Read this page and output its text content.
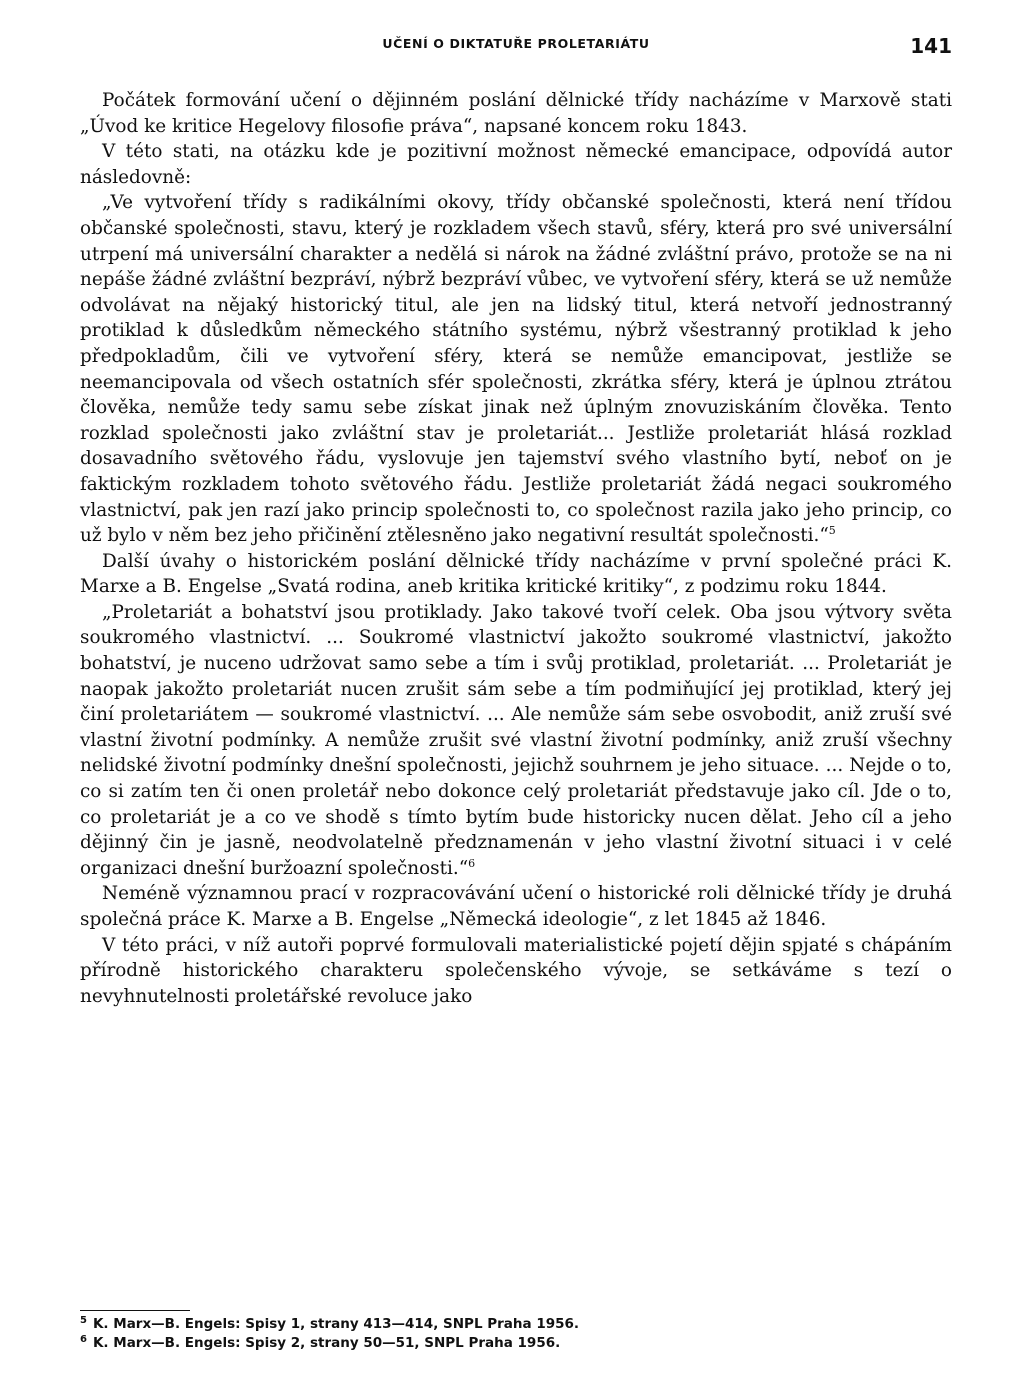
UČENÍ O DIKTATUŘE PROLETARIÁTU	141

Počátek formování učení o dějinném poslání dělnické třídy nacházíme v Marxově stati „Úvod ke kritice Hegelovy filosofie práva“, napsané koncem roku 1843.

V této stati, na otázku kde je pozitivní možnost německé emancipace, odpovídá autor následovně:

„Ve vytvoření třídy s radikálními okovy, třídy občanské společnosti, která není třídou občanské společnosti, stavu, který je rozkladem všech stavů, sféry, která pro své universální utrpení má universální charakter a nedělá si nárok na žádné zvláštní právo, protože se na ni nepáše žádné zvláštní bezpráví, nýbrž bezpráví vůbec, ve vytvoření sféry, která se už nemůže odvolávat na nějaký historický titul, ale jen na lidský titul, která netvoří jednostranný protiklad k důsledkům německého státního systému, nýbrž všestranný protiklad k jeho předpokladům, čili ve vytvoření sféry, která se nemůže emancipovat, jestliže se neemancipovala od všech ostatních sfér společnosti, zkrátka sféry, která je úplnou ztrátou člověka, nemůže tedy samu sebe získat jinak než úplným znovuziskáním člověka. Tento rozklad společnosti jako zvláštní stav je proletariát... Jestliže proletariát hlásá rozklad dosavadního světového řádu, vyslovuje jen tajemství svého vlastního bytí, neboť on je faktickým rozkladem tohoto světového řádu. Jestliže proletariát žádá negaci soukromého vlastnictví, pak jen razí jako princip společnosti to, co společnost razila jako jeho princip, co už bylo v něm bez jeho přičinění ztělesněno jako negativní resultát společnosti.“$^5$

Další úvahy o historickém poslání dělnické třídy nacházíme v první společné práci K. Marxe a B. Engelse „Svatá rodina, aneb kritika kritické kritiky“, z podzimu roku 1844.

„Proletariát a bohatství jsou protiklady. Jako takové tvoří celek. Oba jsou výtvory světa soukromého vlastnictví. ... Soukromé vlastnictví jakožto soukromé vlastnictví, jakožto bohatství, je nuceno udržovat samo sebe a tím i svůj protiklad, proletariát. ... Proletariát je naopak jakožto proletariát nucen zrušit sám sebe a tím podmiňující jej protiklad, který jej činí proletariátem — soukromé vlastnictví. ... Ale nemůže sám sebe osvobodit, aniž zruší své vlastní životní podmínky. A nemůže zrušit své vlastní životní podmínky, aniž zruší všechny nelidské životní podmínky dnešní společnosti, jejichž souhrnem je jeho situace. ... Nejde o to, co si zatím ten či onen proletář nebo dokonce celý proletariát představuje jako cíl. Jde o to, co proletariát je a co ve shodě s tímto bytím bude historicky nucen dělat. Jeho cíl a jeho dějinný čin je jasně, neodvolatelně předznamenán v jeho vlastní životní situaci i v celé organizaci dnešní buržoazní společnosti.“$^6$

Neméně významnou prací v rozpracovávání učení o historické roli dělnické třídy je druhá společná práce K. Marxe a B. Engelse „Německá ideologie“, z let 1845 až 1846.

V této práci, v níž autoři poprvé formulovali materialistické pojetí dějin spjaté s chápáním přírodně historického charakteru společenského vývoje, se setkáváme s tezí o nevyhnutelnosti proletářské revoluce jako

$^5$ K. Marx—B. Engels: Spisy 1, strany 413—414, SNPL Praha 1956.
$^6$ K. Marx—B. Engels: Spisy 2, strany 50—51, SNPL Praha 1956.
